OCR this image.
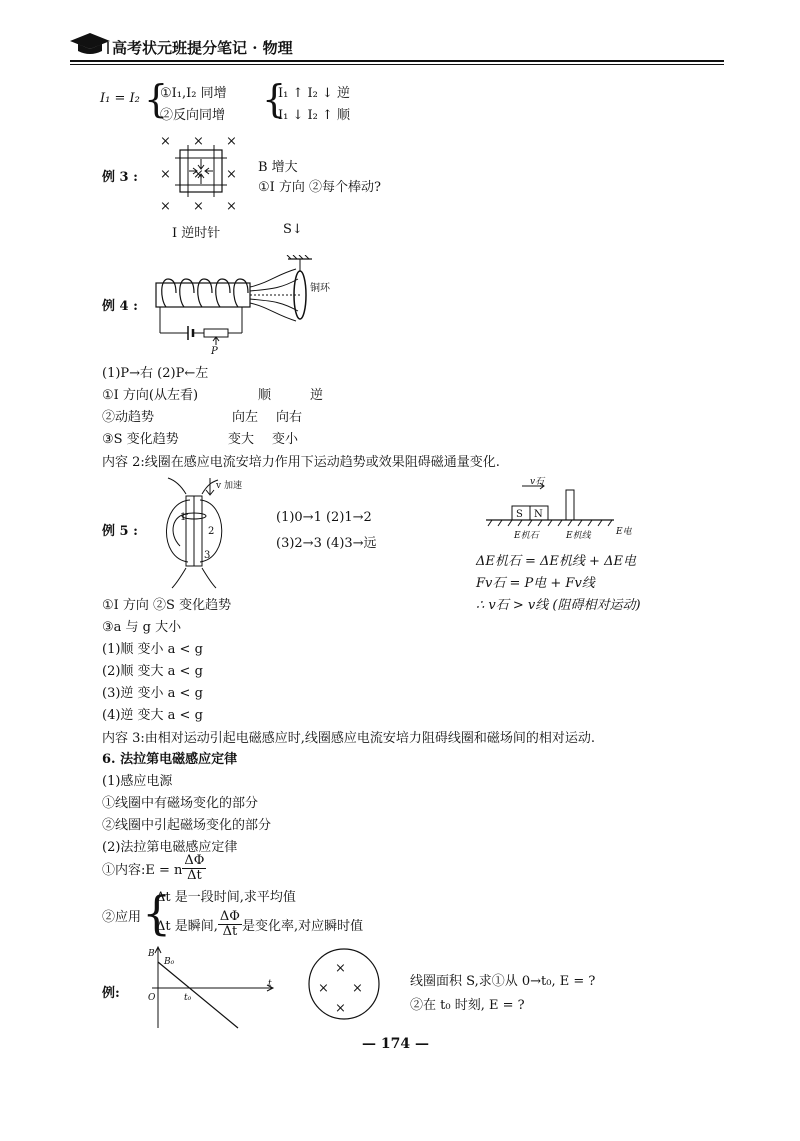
高考状元班提分笔记 · 物理
I₁ = I₂ {
①I₁,I₂ 同增
②反向同增 {
I₁ ↑ I₂ ↓ 逆
I₁ ↓ I₂ ↑ 顺
例 3 :
× × ×
× × ×
× × ×
B 增大
①I 方向 ②每个棒动?
I 逆时针	S↓
例 4 :
铜环
P
(1)P→右 (2)P←左
①I 方向(从左看)	顺	逆
②动趋势	向左 向右
③S 变化趋势	变大 变小
内容 2:线圈在感应电流安培力作用下运动趋势或效果阻碍磁通量变化.
例 5 :
v 加速
1
2
3
(1)0→1 (2)1→2
(3)2→3 (4)3→远
v石
S N
E机石	E机线	E电
ΔE机石 = ΔE机线 + ΔE电
Fv石 = P电 + Fv线
∴ v石 > v线 (阻碍相对运动)
①I 方向 ②S 变化趋势
③a 与 g 大小
(1)顺 变小 a < g
(2)顺 变大 a < g
(3)逆 变小 a < g
(4)逆 变大 a < g
内容 3:由相对运动引起电磁感应时,线圈感应电流安培力阻碍线圈和磁场间的相对运动.
6. 法拉第电磁感应定律
(1)感应电源
①线圈中有磁场变化的部分
②线圈中引起磁场变化的部分
(2)法拉第电磁感应定律
①内容:E = n $\frac{\Delta\Phi}{\Delta t}$
②应用 {
Δt 是一段时间,求平均值
Δt 是瞬间, $\frac{\Delta\Phi}{\Delta t}$ 是变化率,对应瞬时值
例:
B
B₀
O	t₀
t
×
× ×
×
线圈面积 S,求①从 0→t₀, E = ?
②在 t₀ 时刻, E = ?
— 174 —
